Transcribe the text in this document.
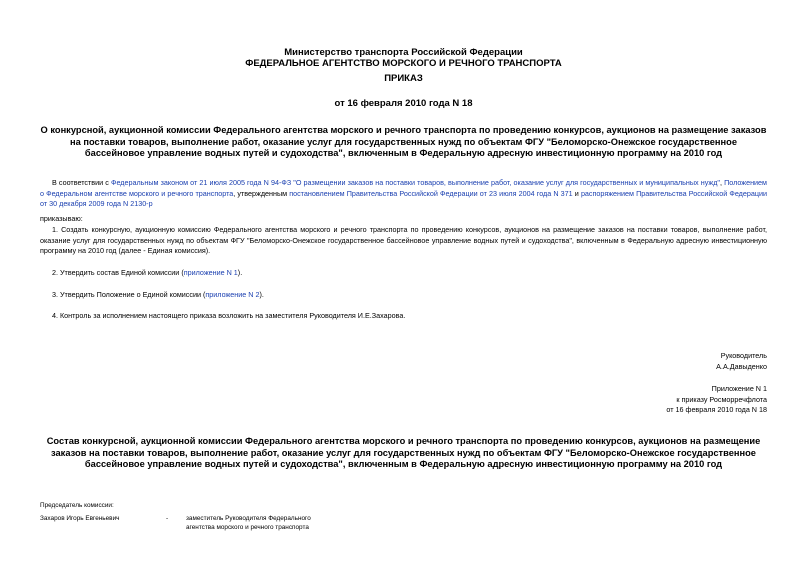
Министерство транспорта Российской Федерации
ФЕДЕРАЛЬНОЕ АГЕНТСТВО МОРСКОГО И РЕЧНОГО ТРАНСПОРТА
ПРИКАЗ
от 16 февраля 2010 года N 18
О конкурсной, аукционной комиссии Федерального агентства морского и речного транспорта по проведению конкурсов, аукционов на размещение заказов на поставки товаров, выполнение работ, оказание услуг для государственных нужд по объектам ФГУ "Беломорско-Онежское государственное бассейновое управление водных путей и судоходства", включенным в Федеральную адресную инвестиционную программу на 2010 год
В соответствии с Федеральным законом от 21 июля 2005 года N 94-ФЗ "О размещении заказов на поставки товаров, выполнение работ, оказание услуг для государственных и муниципальных нужд", Положением о Федеральном агентстве морского и речного транспорта, утвержденным постановлением Правительства Российской Федерации от 23 июля 2004 года N 371 и распоряжением Правительства Российской Федерации от 30 декабря 2009 года N 2130-р
приказываю:
1. Создать конкурсную, аукционную комиссию Федерального агентства морского и речного транспорта по проведению конкурсов, аукционов на размещение заказов на поставки товаров, выполнение работ, оказание услуг для государственных нужд по объектам ФГУ "Беломорско-Онежское государственное бассейновое управление водных путей и судоходства", включенным в Федеральную адресную инвестиционную программу на 2010 год (далее - Единая комиссия).
2. Утвердить состав Единой комиссии (приложение N 1).
3. Утвердить Положение о Единой комиссии (приложение N 2).
4. Контроль за исполнением настоящего приказа возложить на заместителя Руководителя И.Е.Захарова.
Руководитель
А.А.Давыденко
Приложение N 1
к приказу Росморречфлота
от 16 февраля 2010 года N 18
Состав конкурсной, аукционной комиссии Федерального агентства морского и речного транспорта по проведению конкурсов, аукционов на размещение заказов на поставки товаров, выполнение работ, оказание услуг для государственных нужд по объектам ФГУ "Беломорско-Онежское государственное бассейновое управление водных путей и судоходства", включенным в Федеральную адресную инвестиционную программу на 2010 год
Председатель комиссии:
Захаров Игорь Евгеньевич	-	заместитель Руководителя Федерального
агентства морского и речного транспорта
